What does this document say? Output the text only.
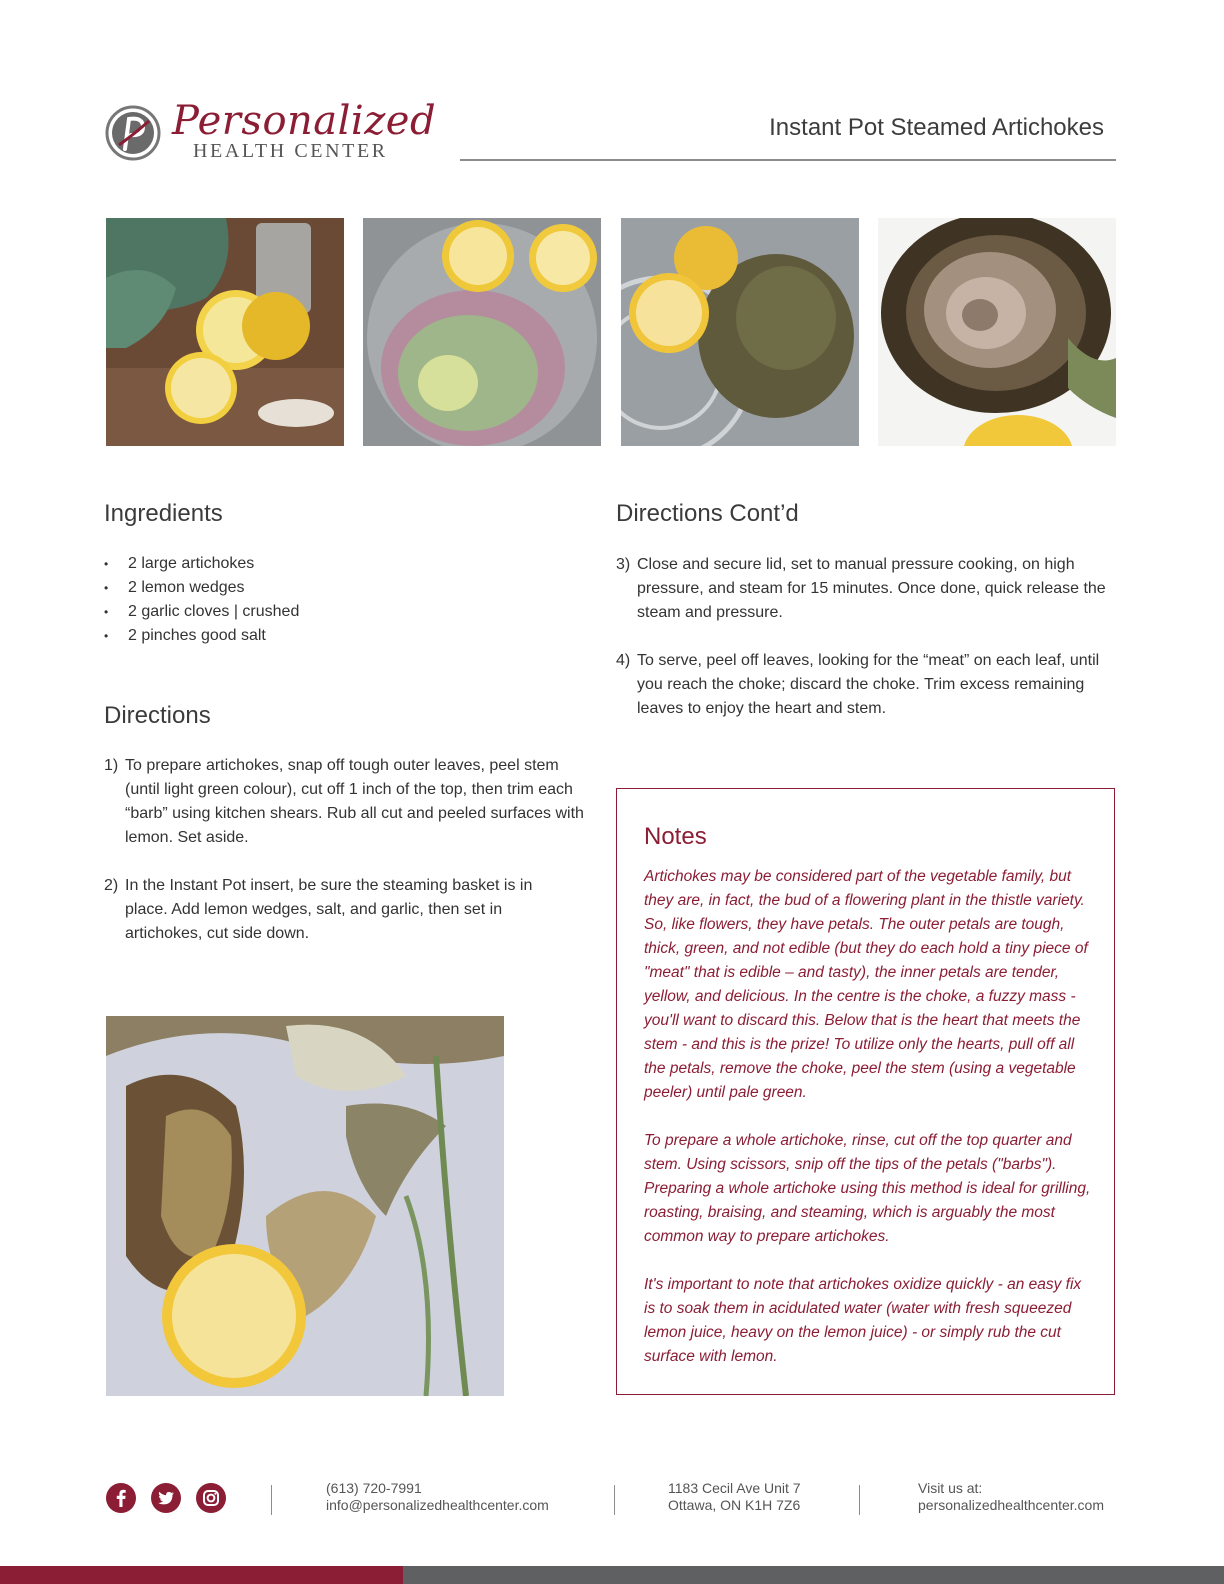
Personalized
HEALTH CENTER
Instant Pot Steamed Artichokes
Ingredients
• 2 large artichokes
• 2 lemon wedges
• 2 garlic cloves | crushed
• 2 pinches good salt
Directions
1) To prepare artichokes, snap off tough outer leaves, peel stem (until light green colour), cut off 1 inch of the top, then trim each “barb” using kitchen shears. Rub all cut and peeled surfaces with lemon. Set aside.
2) In the Instant Pot insert, be sure the steaming basket is in place. Add lemon wedges, salt, and garlic, then set in artichokes, cut side down.
Directions Cont’d
3) Close and secure lid, set to manual pressure cooking, on high pressure, and steam for 15 minutes. Once done, quick release the steam and pressure.
4) To serve, peel off leaves, looking for the “meat” on each leaf, until you reach the choke; discard the choke. Trim excess remaining leaves to enjoy the heart and stem.
Notes
Artichokes may be considered part of the vegetable family, but they are, in fact, the bud of a flowering plant in the thistle variety. So, like flowers, they have petals. The outer petals are tough, thick, green, and not edible (but they do each hold a tiny piece of "meat" that is edible – and tasty), the inner petals are tender, yellow, and delicious. In the centre is the choke, a fuzzy mass - you'll want to discard this. Below that is the heart that meets the stem - and this is the prize! To utilize only the hearts, pull off all the petals, remove the choke, peel the stem (using a vegetable peeler) until pale green.
To prepare a whole artichoke, rinse, cut off the top quarter and stem. Using scissors, snip off the tips of the petals ("barbs"). Preparing a whole artichoke using this method is ideal for grilling, roasting, braising, and steaming, which is arguably the most common way to prepare artichokes.
It's important to note that artichokes oxidize quickly - an easy fix is to soak them in acidulated water (water with fresh squeezed lemon juice, heavy on the lemon juice) - or simply rub the cut surface with lemon.
(613) 720-7991
info@personalizedhealthcenter.com
1183 Cecil Ave Unit 7
Ottawa, ON K1H 7Z6
Visit us at:
personalizedhealthcenter.com
